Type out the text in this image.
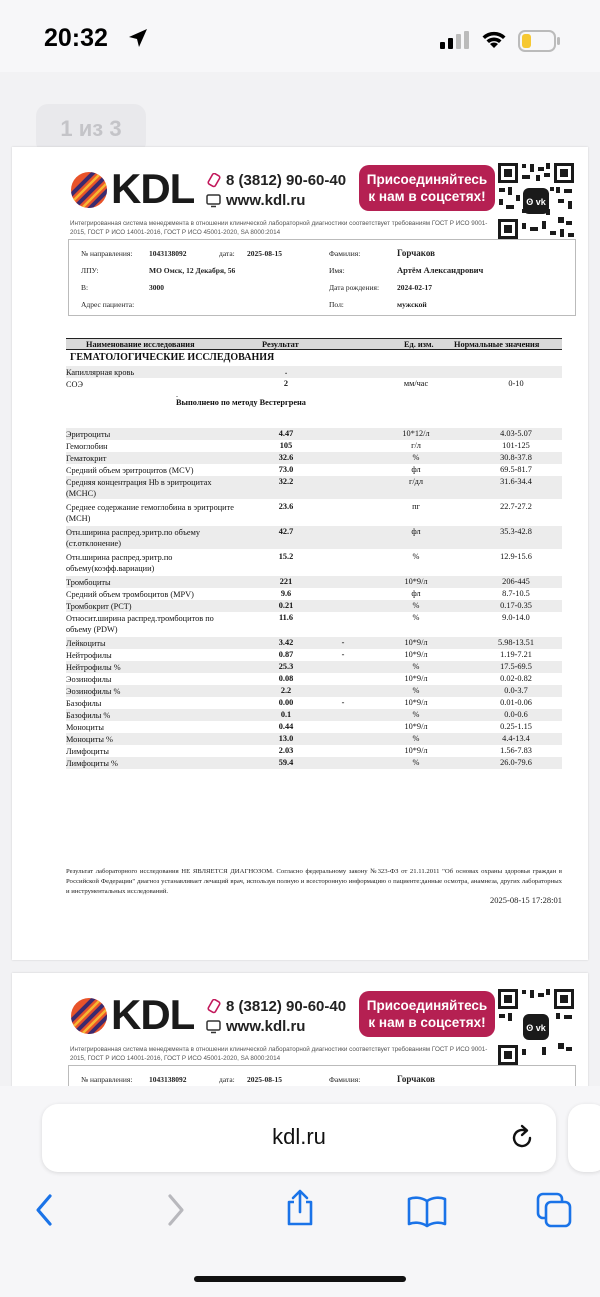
20:32
1 из 3
KDL 8 (3812) 90-60-40
www.kdl.ru
Присоединяйтесь
к нам в соцсетях!	ʘ vk
Интегрированная система менеджмента в отношении клинической лабораторной диагностики соответствует требованиям ГОСТ Р ИСО 9001-2015, ГОСТ Р ИСО 14001-2016, ГОСТ Р ИСО 45001-2020, SA 8000:2014
№ направления: 1043138092	дата: 2025-08-15	Фамилия:	Горчаков
ЛПУ:	МО Омск, 12 Декабря, 56	Имя:	Артём Александрович
В:	3000	Дата рождения: 2024-02-17
Адрес пациента:	Пол:	мужской
Наименование исследования	Результат	Ед. изм. Нормальные значения
ГЕМАТОЛОГИЧЕСКИЕ ИССЛЕДОВАНИЯ
Капиллярная кровь	.
СОЭ	2	мм/час	0-10
.
Выполнено по методу Вестергрена
Эритроциты	4.47	10*12/л	4.03-5.07
Гемоглобин	105	г/л	101-125
Гематокрит	32.6	%	30.8-37.8
Средний объем эритроцитов (MCV)	73.0	фл	69.5-81.7
Средняя концентрация Hb в эритроцитах (MCHC)
32.2	г/дл	31.6-34.4
Среднее содержание гемоглобина в эритроците (MCH)
23.6	пг	22.7-27.2
Отн.ширина распред.эритр.по объему (ст.отклонение)
42.7	фл	35.3-42.8
Отн.ширина распред.эритр.по объему(коэфф.вариации)
15.2	%	12.9-15.6
Тромбоциты	221	10*9/л	206-445
Средний объем тромбоцитов (MPV)	9.6	фл	8.7-10.5
Тромбокрит (PCT)	0.21	%	0.17-0.35
Относит.ширина распред.тромбоцитов по объему (PDW)
11.6	%	9.0-14.0
Лейкоциты	3.42	-	10*9/л	5.98-13.51
Нейтрофилы	0.87	-	10*9/л	1.19-7.21
Нейтрофилы %	25.3	%	17.5-69.5
Эозинофилы	0.08	10*9/л	0.02-0.82
Эозинофилы %	2.2	%	0.0-3.7
Базофилы	0.00	-	10*9/л	0.01-0.06
Базофилы %	0.1	%	0.0-0.6
Моноциты	0.44	10*9/л	0.25-1.15
Моноциты %	13.0	%	4.4-13.4
Лимфоциты	2.03	10*9/л	1.56-7.83
Лимфоциты %	59.4	%	26.0-79.6
Результат лабораторного исследования НЕ ЯВЛЯЕТСЯ ДИАГНОЗОМ. Согласно федеральному закону №323-ФЗ от 21.11.2011 "Об основах охраны здоровья граждан в Российской Федерации" диагноз устанавливает лечащий врач, используя полную и всесторонную информацию о пациенте:данные осмотра, анамнеза, других лабораторных и инструментальных исследований.
2025-08-15 17:28:01
KDL 8 (3812) 90-60-40
www.kdl.ru
Присоединяйтесь
к нам в соцсетях!	ʘ vk
Интегрированная система менеджмента в отношении клинической лабораторной диагностики соответствует требованиям ГОСТ Р ИСО 9001-2015, ГОСТ Р ИСО 14001-2016, ГОСТ Р ИСО 45001-2020, SA 8000:2014
№ направления: 1043138092	дата: 2025-08-15	Фамилия:	Горчаков
kdl.ru
